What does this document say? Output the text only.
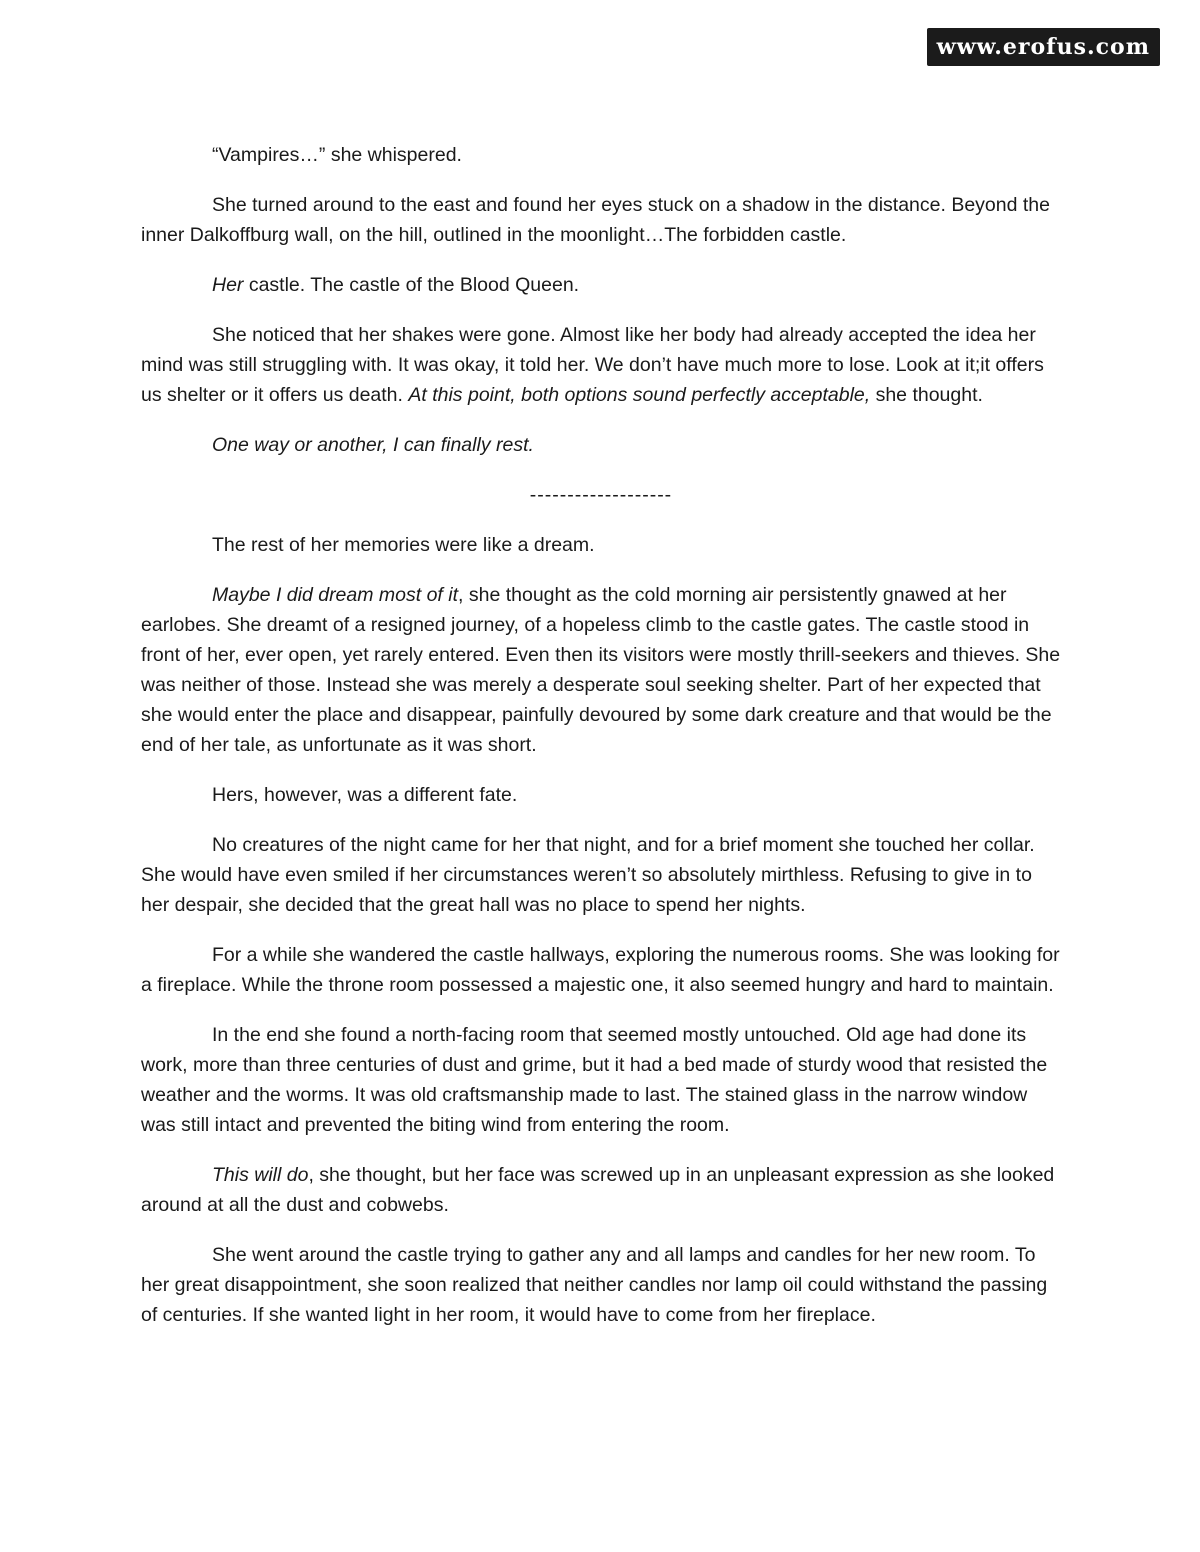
www.erofus.com

“Vampires…” she whispered.

She turned around to the east and found her eyes stuck on a shadow in the distance. Beyond the inner Dalkoffburg wall, on the hill, outlined in the moonlight…The forbidden castle.

Her castle. The castle of the Blood Queen.

She noticed that her shakes were gone. Almost like her body had already accepted the idea her mind was still struggling with. It was okay, it told her. We don’t have much more to lose. Look at it;it offers us shelter or it offers us death. At this point, both options sound perfectly acceptable, she thought.

One way or another, I can finally rest.

-------------------

The rest of her memories were like a dream.

Maybe I did dream most of it, she thought as the cold morning air persistently gnawed at her earlobes. She dreamt of a resigned journey, of a hopeless climb to the castle gates. The castle stood in front of her, ever open, yet rarely entered. Even then its visitors were mostly thrill-seekers and thieves. She was neither of those. Instead she was merely a desperate soul seeking shelter. Part of her expected that she would enter the place and disappear, painfully devoured by some dark creature and that would be the end of her tale, as unfortunate as it was short.

Hers, however, was a different fate.

No creatures of the night came for her that night, and for a brief moment she touched her collar. She would have even smiled if her circumstances weren’t so absolutely mirthless. Refusing to give in to her despair, she decided that the great hall was no place to spend her nights.

For a while she wandered the castle hallways, exploring the numerous rooms. She was looking for a fireplace. While the throne room possessed a majestic one, it also seemed hungry and hard to maintain.

In the end she found a north-facing room that seemed mostly untouched. Old age had done its work, more than three centuries of dust and grime, but it had a bed made of sturdy wood that resisted the weather and the worms. It was old craftsmanship made to last. The stained glass in the narrow window was still intact and prevented the biting wind from entering the room.

This will do, she thought, but her face was screwed up in an unpleasant expression as she looked around at all the dust and cobwebs.

She went around the castle trying to gather any and all lamps and candles for her new room. To her great disappointment, she soon realized that neither candles nor lamp oil could withstand the passing of centuries. If she wanted light in her room, it would have to come from her fireplace.
